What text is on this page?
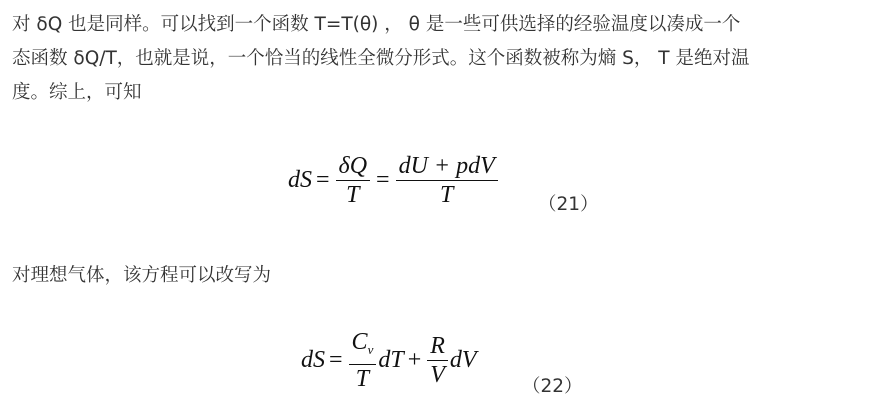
对 δQ 也是同样。可以找到一个函数 T=T(θ) ， θ 是一些可供选择的经验温度以凑成一个
态函数 δQ/T，也就是说，一个恰当的线性全微分形式。这个函数被称为熵 S， T 是绝对温
度。综上，可知
dS = $\frac{\delta Q}{T} = \frac{\text{dU + pdV}}{T} (21)$
对理想气体，该方程可以改写为
dS = $\frac{C_v}{T}$ dT + $\frac{R}{V}$ dV
（22）
